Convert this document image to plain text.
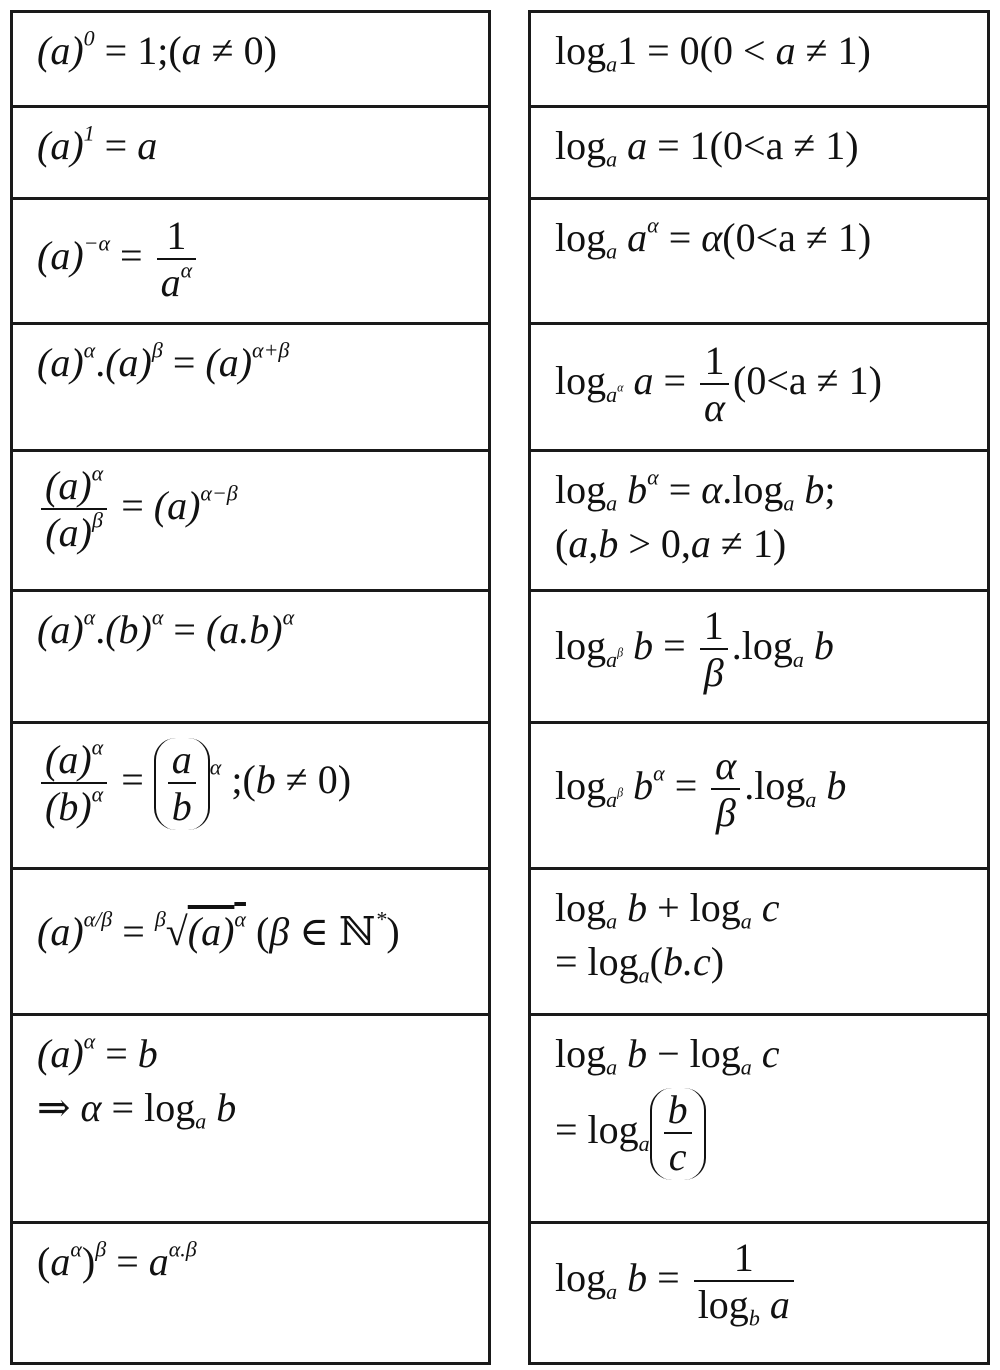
$(a)^0$ = 1;(a ≠ 0)
$(a)^1 = a$
$(a)^{-\alpha} = \frac{1}{a^\alpha}$
$(a)^\alpha.(a)^\beta = (a)^{\alpha+\beta}$
$\frac{(a)^\alpha}{(a)^\beta} = (a)^{\alpha-\beta}$
$(a)^\alpha.(b)^\alpha = (a.b)^\alpha$
$\frac{(a)^\alpha}{(b)^\alpha} = \frac{a}{b} ^\alpha$ ;(b ≠ 0)
$(a)^{\alpha/\beta} = ^\beta√(a)^\alpha$ (β ∈ ℕ*)
$(a)^\alpha = b$
⇒ $\alpha = \log_a b$
$(a^\alpha)^\beta = a^{\alpha.\beta}$
$\log_a1 = 0(0 < a \ne 1)$
$\log_a a = 1(0<a \ne 1)$
$\log_a a^\alpha = \alpha(0<a \ne 1)$
$\log_{a^\alpha} a = \frac{1}{\alpha} (0<a \ne 1)$
$\log_a b^\alpha = \alpha.\log_a$ b;
(a,b > 0,a ≠ 1)
$\log_{a^\beta} b = \frac{1}{\beta} .\log_a$ b
$\log_{a^\beta} b^\alpha = \frac{\alpha}{\beta} .\log_a$ b
$\log_a b + \log_a c$
= $\log_a(b.c)$
$\log_a b - \log_a c$
= $\log_a \frac{b}{c}$
$\log_a b = \frac{1}{\log_b a}$
